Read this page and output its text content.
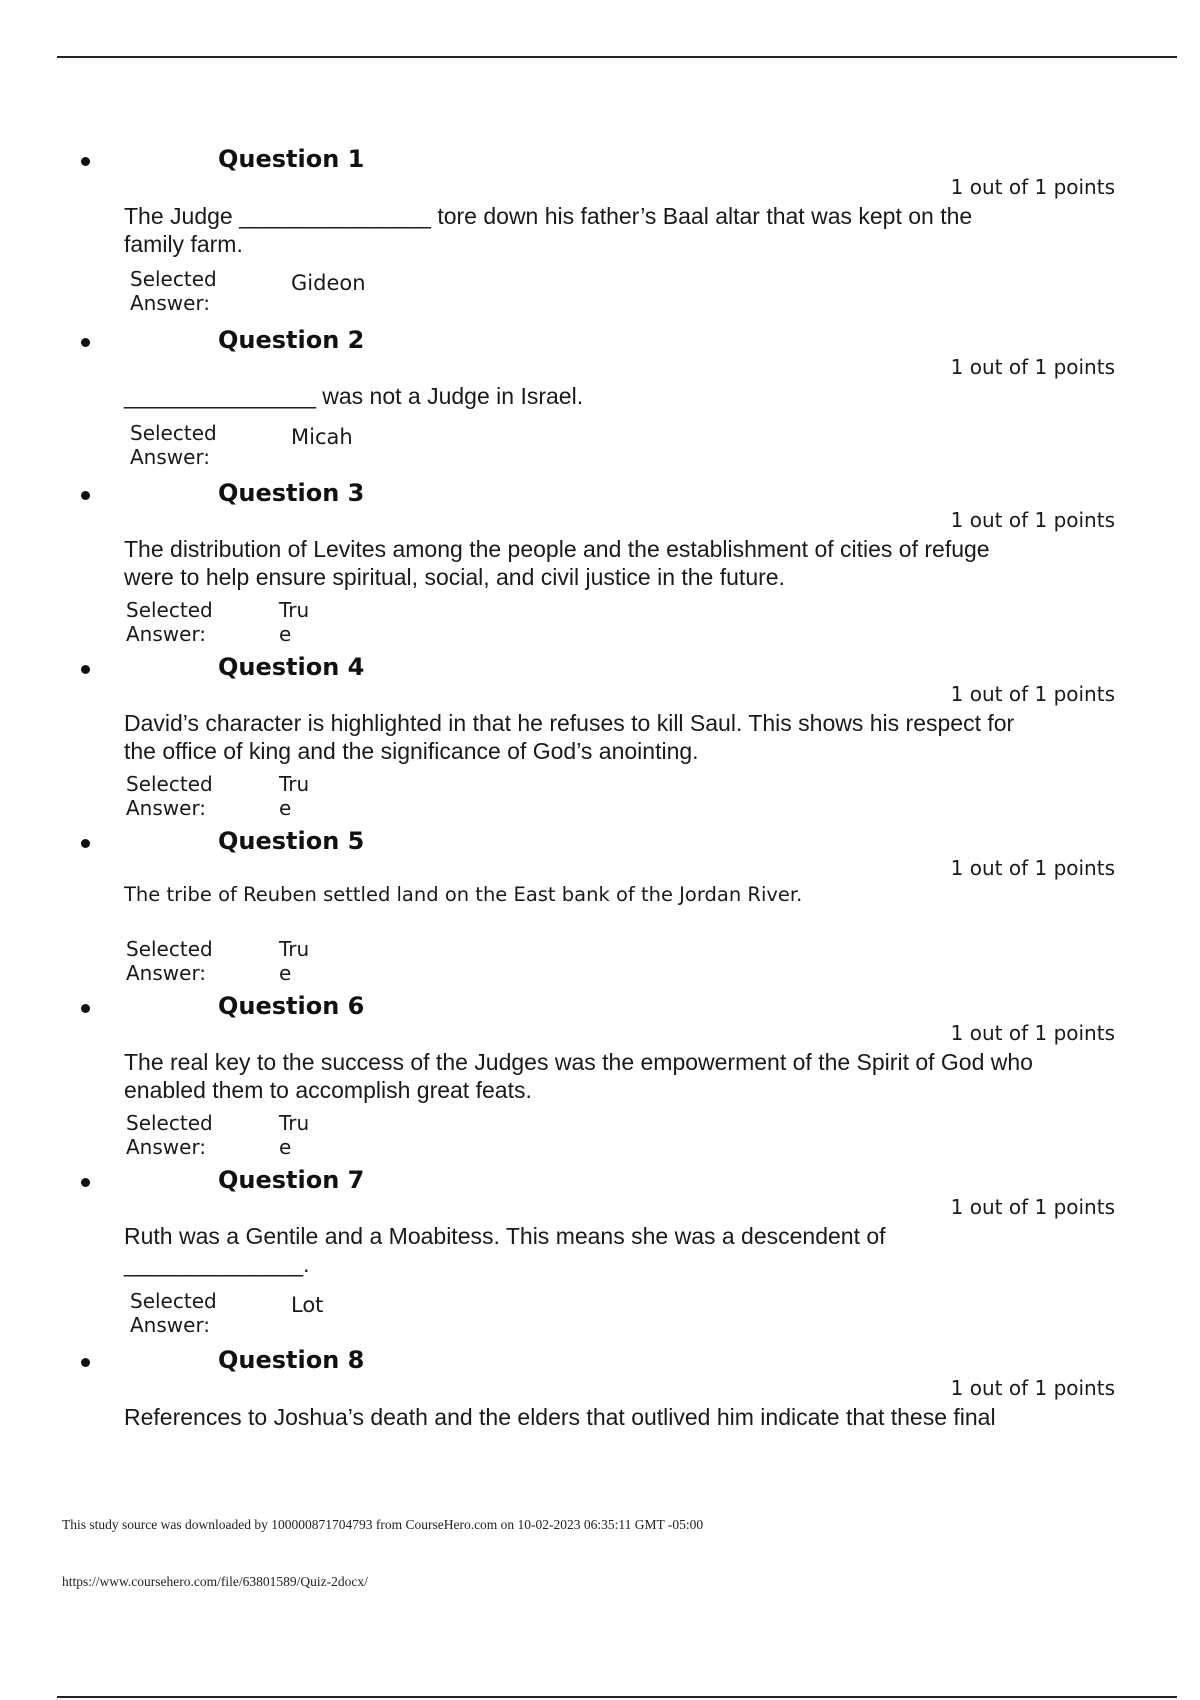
Question 1
1 out of 1 points
The Judge _______________ tore down his father’s Baal altar that was kept on the family farm.
Selected Answer:
Gideon
Question 2
1 out of 1 points
_______________ was not a Judge in Israel.
Selected Answer:
Micah
Question 3
1 out of 1 points
The distribution of Levites among the people and the establishment of cities of refuge were to help ensure spiritual, social, and civil justice in the future.
Selected Answer:
True
Question 4
1 out of 1 points
David’s character is highlighted in that he refuses to kill Saul. This shows his respect for the office of king and the significance of God’s anointing.
Selected Answer:
True
Question 5
1 out of 1 points
The tribe of Reuben settled land on the East bank of the Jordan River.
Selected Answer:
True
Question 6
1 out of 1 points
The real key to the success of the Judges was the empowerment of the Spirit of God who enabled them to accomplish great feats.
Selected Answer:
True
Question 7
1 out of 1 points
Ruth was a Gentile and a Moabitess. This means she was a descendent of ______________.
Selected Answer:
Lot
Question 8
1 out of 1 points
References to Joshua’s death and the elders that outlived him indicate that these final
This study source was downloaded by 100000871704793 from CourseHero.com on 10-02-2023 06:35:11 GMT -05:00
https://www.coursehero.com/file/63801589/Quiz-2docx/
